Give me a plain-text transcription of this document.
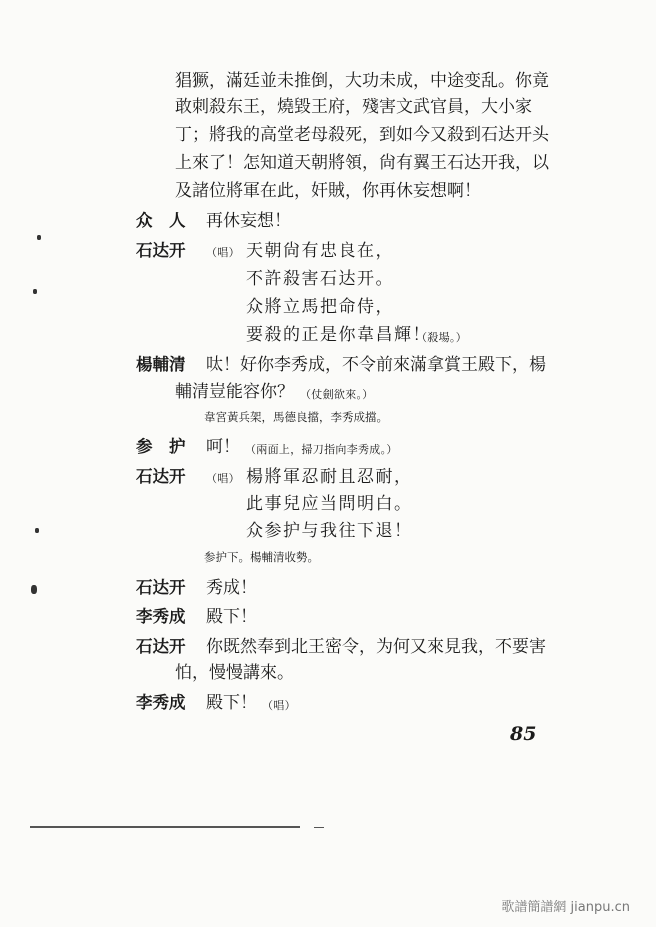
猖獗，滿廷並未推倒，大功未成，中途变乱。你竟
敢刺殺东王，燒毀王府，殘害文武官員，大小家
丁；將我的高堂老母殺死，到如今又殺到石达开头
上來了！怎知道天朝將領，尙有翼王石达开我，以
及諸位將軍在此，奸賊，你再休妄想啊！
众　人 再休妄想！
石达开 （唱） 天朝尙有忠良在，
不許殺害石达开。
众將立馬把命侍，
要殺的正是你韋昌輝！
（殺場。）
楊輔清 呔！好你李秀成，不令前來滿拿賞王殿下，楊
輔清豈能容你？ （仗劍欲來。）
韋宮黃兵架，馬德良擋，李秀成擋。
参　护 呵！ （兩面上，掃刀指向李秀成。）
石达开 （唱） 楊將軍忍耐且忍耐，
此事兒应当問明白。
众参护与我往下退！
参护下。楊輔清收勢。
石达开 秀成！
李秀成 殿下！
石达开 你既然奉到北王密令，为何又來見我，不要害
怕，慢慢講來。
李秀成 殿下！ （唱）
85
歌譜簡譜網 jianpu.cn
